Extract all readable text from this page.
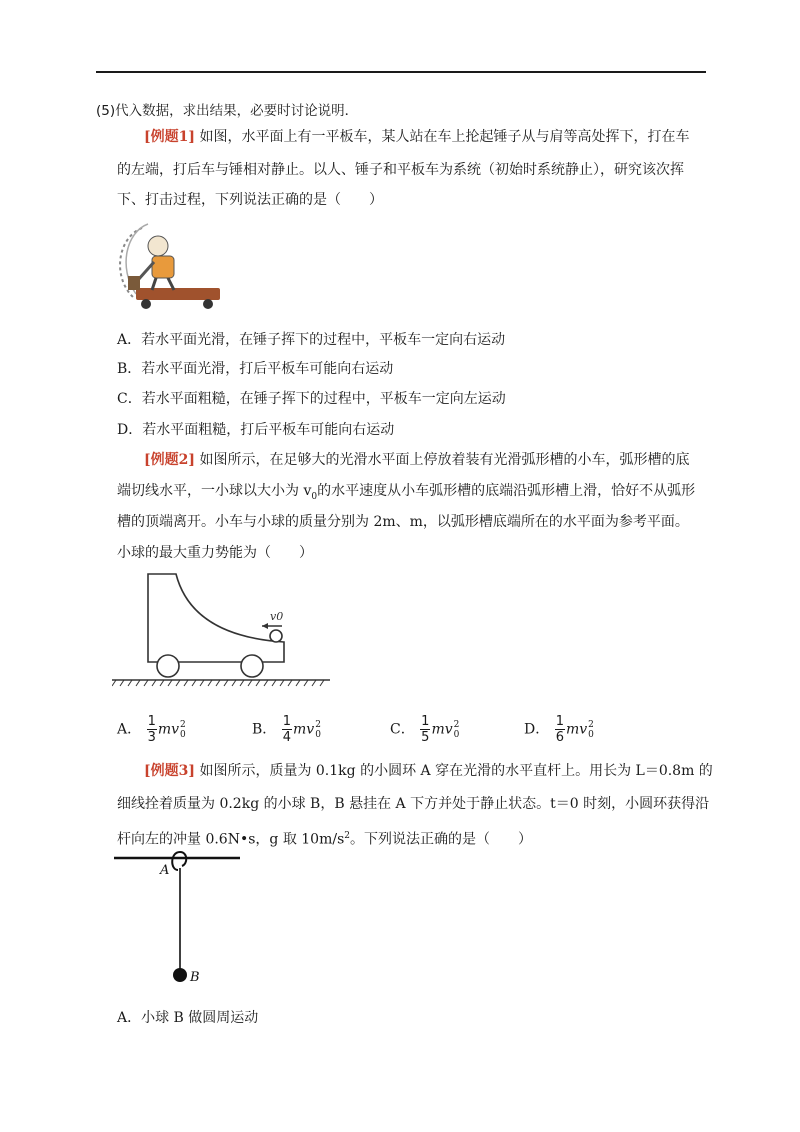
(5)代入数据，求出结果，必要时讨论说明．
[例题1] 如图，水平面上有一平板车，某人站在车上抡起锤子从与肩等高处挥下，打在车
的左端，打后车与锤相对静止。以人、锤子和平板车为系统（初始时系统静止），研究该次挥
下、打击过程，下列说法正确的是（　　）
A．若水平面光滑，在锤子挥下的过程中，平板车一定向右运动
B．若水平面光滑，打后平板车可能向右运动
C．若水平面粗糙，在锤子挥下的过程中，平板车一定向左运动
D．若水平面粗糙，打后平板车可能向右运动
[例题2] 如图所示，在足够大的光滑水平面上停放着装有光滑弧形槽的小车，弧形槽的底
端切线水平，一小球以大小为 $v_0$的水平速度从小车弧形槽的底端沿弧形槽上滑，恰好不从弧形
槽的顶端离开。小车与小球的质量分别为 2m、m，以弧形槽底端所在的水平面为参考平面。
小球的最大重力势能为（　　）
v0
A． $\frac{1}{3}$ mv 2
0	B． $\frac{1}{4}$ mv 2
0	C． $\frac{1}{5}$ mv 2
0	D． $\frac{1}{6}$ mv 2
0
[例题3] 如图所示，质量为 0.1kg 的小圆环 A 穿在光滑的水平直杆上。用长为 L＝0.8m 的
细线拴着质量为 0.2kg 的小球 B，B 悬挂在 A 下方并处于静止状态。t＝0 时刻，小圆环获得沿
杆向左的冲量 0.6N•s，g 取 $10m/s^2$。下列说法正确的是（　　）
A
B
A．小球 B 做圆周运动
